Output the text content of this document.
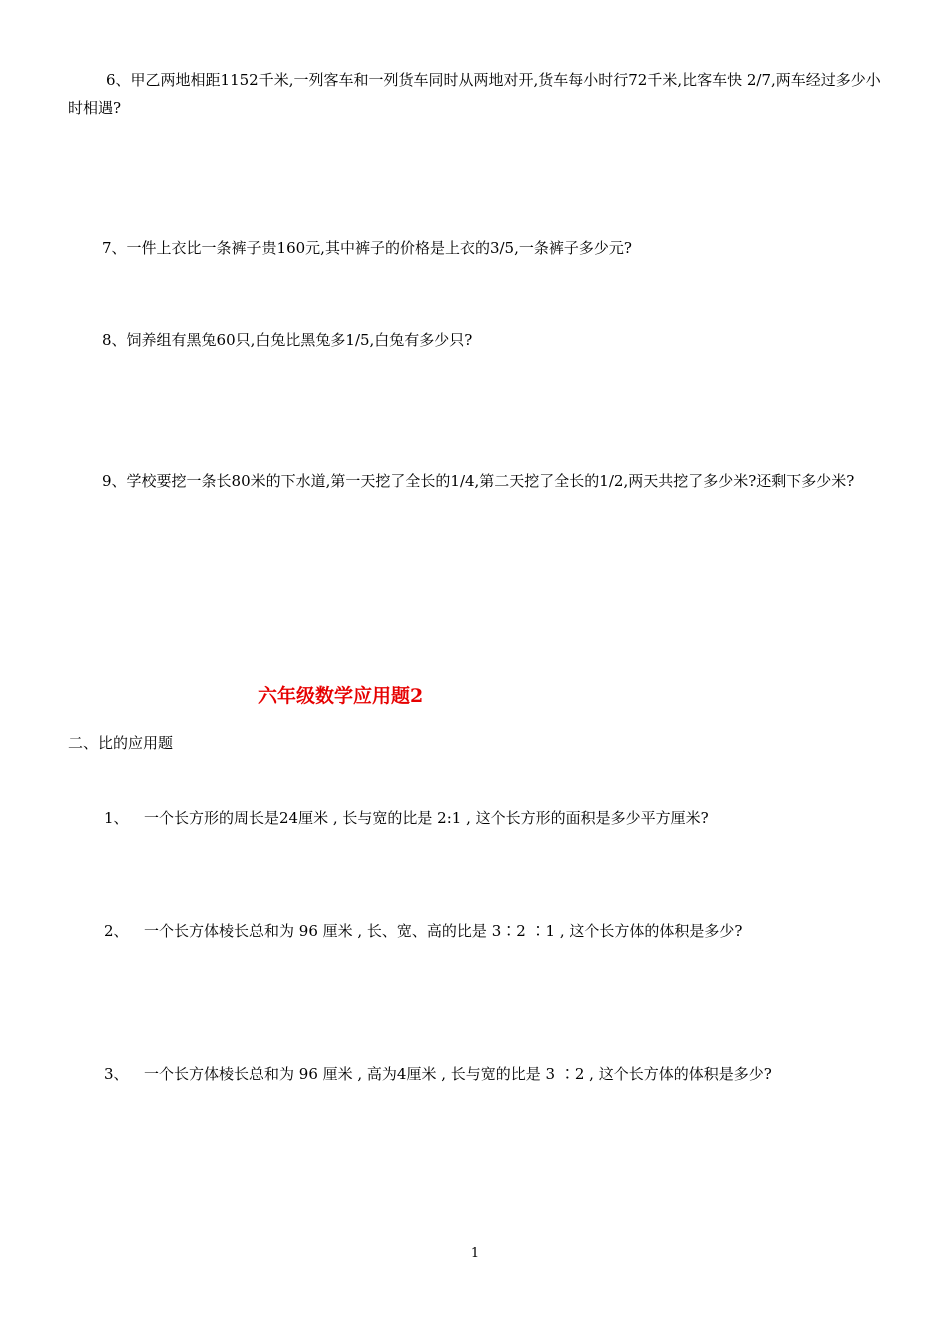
6、甲乙两地相距1152千米,一列客车和一列货车同时从两地对开,货车每小时行72千米,比客车快 2/7,两车经过多少小时相遇?

7、一件上衣比一条裤子贵160元,其中裤子的价格是上衣的3/5,一条裤子多少元?

8、饲养组有黑兔60只,白兔比黑兔多1/5,白兔有多少只?

9、学校要挖一条长80米的下水道,第一天挖了全长的1/4,第二天挖了全长的1/2,两天共挖了多少米?还剩下多少米?

六年级数学应用题2

二、比的应用题

1、 一个长方形的周长是24厘米 , 长与宽的比是 2:1 , 这个长方形的面积是多少平方厘米?

2、 一个长方体棱长总和为 96 厘米 , 长、宽、高的比是 3∶2 ∶1 , 这个长方体的体积是多少?

3、 一个长方体棱长总和为 96 厘米 , 高为4厘米 , 长与宽的比是 3 ∶2 , 这个长方体的体积是多少?

1
